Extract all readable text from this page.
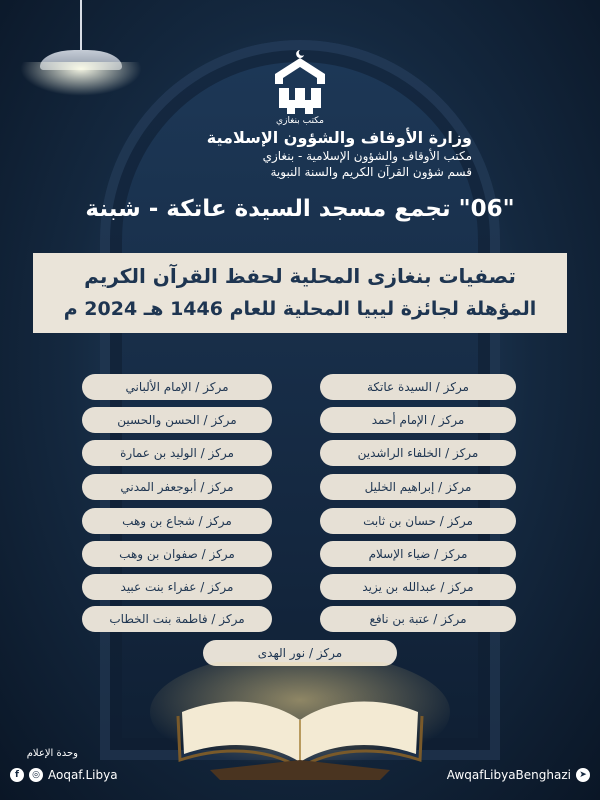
مكتب بنغازي
وزارة الأوقاف والشؤون الإسلامية
مكتب الأوقاف والشؤون الإسلامية - بنغازي
قسم شؤون القرآن الكريم والسنة النبوية
"06" تجمع مسجد السيدة عاتكة - شبنة
تصفيات بنغازى المحلية لحفظ القرآن الكريم
المؤهلة لجائزة ليبيا المحلية للعام 1446 هـ 2024 م
مركز / السيدة عاتكة
مركز / الإمام أحمد
مركز / الخلفاء الراشدين
مركز / إبراهيم الخليل
مركز / حسان بن ثابت
مركز / ضياء الإسلام
مركز / عبدالله بن يزيد
مركز / عتبة بن نافع
مركز / الإمام الألباني
مركز / الحسن والحسين
مركز / الوليد بن عمارة
مركز / أبوجعفر المدني
مركز / شجاع بن وهب
مركز / صفوان بن وهب
مركز / عفراء بنت عبيد
مركز / فاطمة بنت الخطاب
مركز / نور الهدى
وحدة الإعلام
f	◎ Aoqaf.Libya	AwqafLibyaBenghazi ➤
